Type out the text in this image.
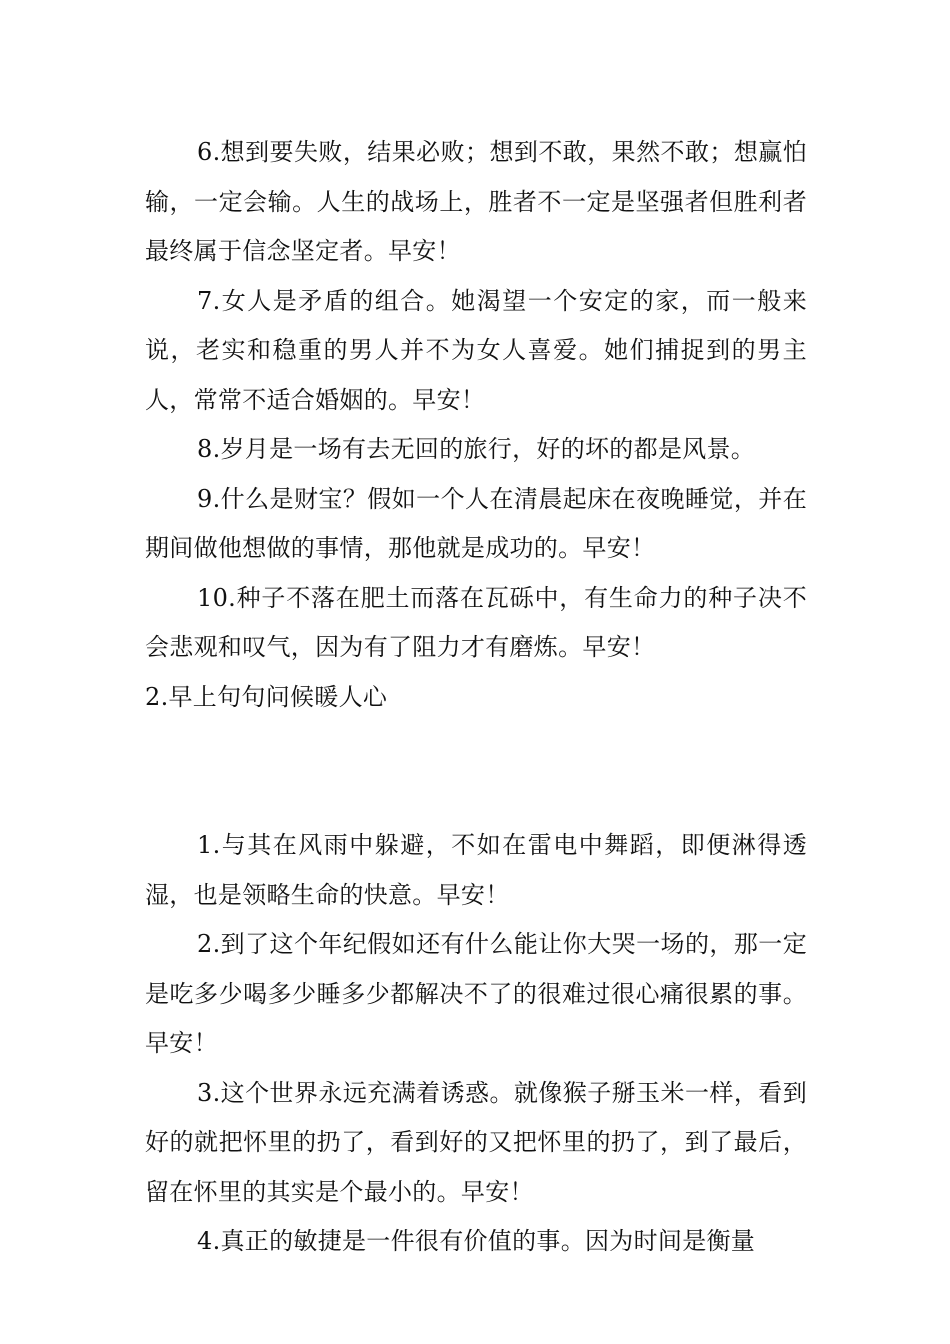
6.想到要失败，结果必败；想到不敢，果然不敢；想赢怕输，一定会输。人生的战场上，胜者不一定是坚强者但胜利者最终属于信念坚定者。早安！

7.女人是矛盾的组合。她渴望一个安定的家，而一般来说，老实和稳重的男人并不为女人喜爱。她们捕捉到的男主人，常常不适合婚姻的。早安！

8.岁月是一场有去无回的旅行，好的坏的都是风景。

9.什么是财宝？假如一个人在清晨起床在夜晚睡觉，并在期间做他想做的事情，那他就是成功的。早安！

10.种子不落在肥土而落在瓦砾中，有生命力的种子决不会悲观和叹气，因为有了阻力才有磨炼。早安！

2.早上句句问候暖人心

1.与其在风雨中躲避，不如在雷电中舞蹈，即便淋得透湿，也是领略生命的快意。早安！

2.到了这个年纪假如还有什么能让你大哭一场的，那一定是吃多少喝多少睡多少都解决不了的很难过很心痛很累的事。早安！

3.这个世界永远充满着诱惑。就像猴子掰玉米一样，看到好的就把怀里的扔了，看到好的又把怀里的扔了，到了最后，留在怀里的其实是个最小的。早安！

4.真正的敏捷是一件很有价值的事。因为时间是衡量
